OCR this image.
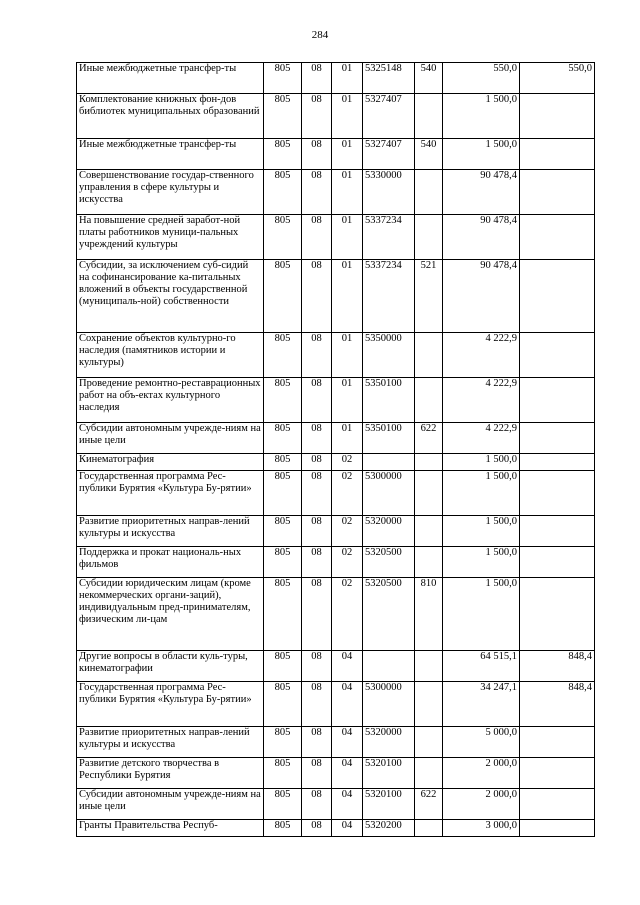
284
Иные межбюджетные трансфер-ты	805	08	01	5325148	540	550,0	550,0
Комплектование книжных фон-дов библиотек муниципальных образований	805	08	01	5327407		1 500,0	
Иные межбюджетные трансфер-ты	805	08	01	5327407	540	1 500,0	
Совершенствование государ-ственного управления в сфере культуры и искусства	805	08	01	5330000		90 478,4	
На повышение средней заработ-ной платы работников муници-пальных учреждений культуры	805	08	01	5337234		90 478,4	
Субсидии, за исключением суб-сидий на софинансирование ка-питальных вложений в объекты государственной (муниципаль-ной) собственности	805	08	01	5337234	521	90 478,4	
Сохранение объектов культурно-го наследия (памятников истории и культуры)	805	08	01	5350000		4 222,9	
Проведение ремонтно-реставрационных работ на объ-ектах культурного наследия	805	08	01	5350100		4 222,9	
Субсидии автономным учрежде-ниям на иные цели	805	08	01	5350100	622	4 222,9	
Кинематография	805	08	02			1 500,0	
Государственная программа Рес-публики Бурятия «Культура Бу-рятии»	805	08	02	5300000		1 500,0	
Развитие приоритетных направ-лений культуры и искусства	805	08	02	5320000		1 500,0	
Поддержка и прокат националь-ных фильмов	805	08	02	5320500		1 500,0	
Субсидии юридическим лицам (кроме некоммерческих органи-заций), индивидуальным пред-принимателям, физическим ли-цам	805	08	02	5320500	810	1 500,0	
Другие вопросы в области куль-туры, кинематографии	805	08	04			64 515,1	848,4
Государственная программа Рес-публики Бурятия «Культура Бу-рятии»	805	08	04	5300000		34 247,1	848,4
Развитие приоритетных направ-лений культуры и искусства	805	08	04	5320000		5 000,0	
Развитие детского творчества в Республики Бурятия	805	08	04	5320100		2 000,0	
Субсидии автономным учрежде-ниям на иные цели	805	08	04	5320100	622	2 000,0	
Гранты Правительства Респуб-	805	08	04	5320200		3 000,0	
